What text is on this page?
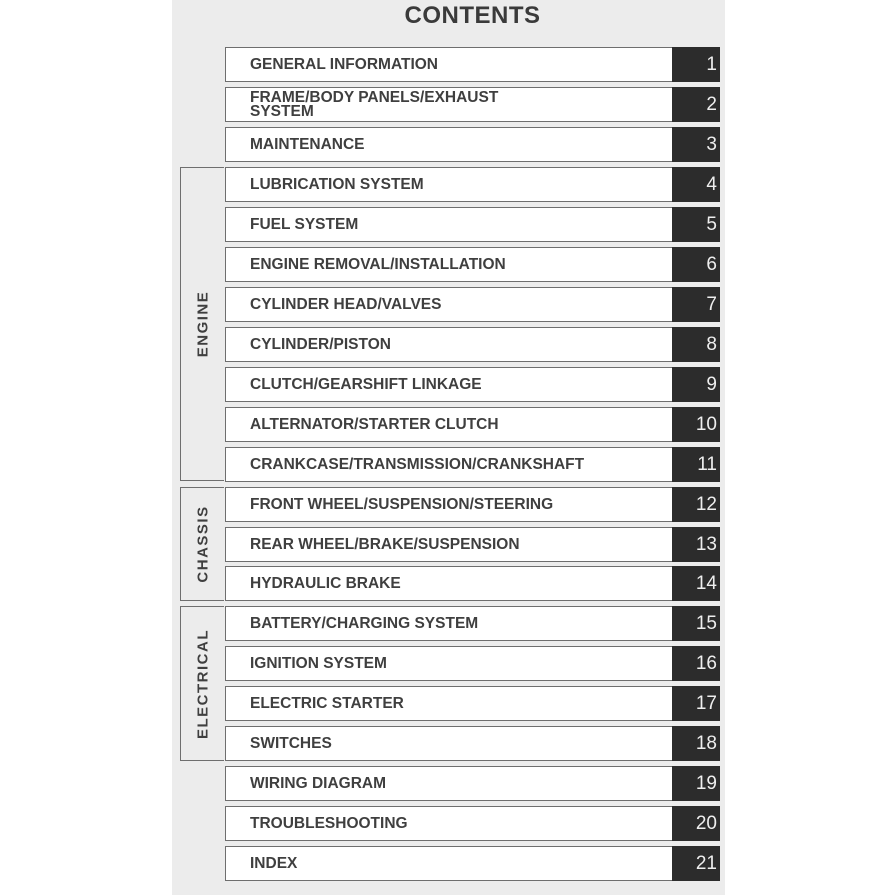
CONTENTS
ENGINE
CHASSIS
ELECTRICAL
GENERAL INFORMATION	1
FRAME/BODY PANELS/EXHAUST
SYSTEM	2
MAINTENANCE	3
LUBRICATION SYSTEM	4
FUEL SYSTEM	5
ENGINE REMOVAL/INSTALLATION	6
CYLINDER HEAD/VALVES	7
CYLINDER/PISTON	8
CLUTCH/GEARSHIFT LINKAGE	9
ALTERNATOR/STARTER CLUTCH	10
CRANKCASE/TRANSMISSION/CRANKSHAFT	11
FRONT WHEEL/SUSPENSION/STEERING	12
REAR WHEEL/BRAKE/SUSPENSION	13
HYDRAULIC BRAKE	14
BATTERY/CHARGING SYSTEM	15
IGNITION SYSTEM	16
ELECTRIC STARTER	17
SWITCHES	18
WIRING DIAGRAM	19
TROUBLESHOOTING	20
INDEX	21
